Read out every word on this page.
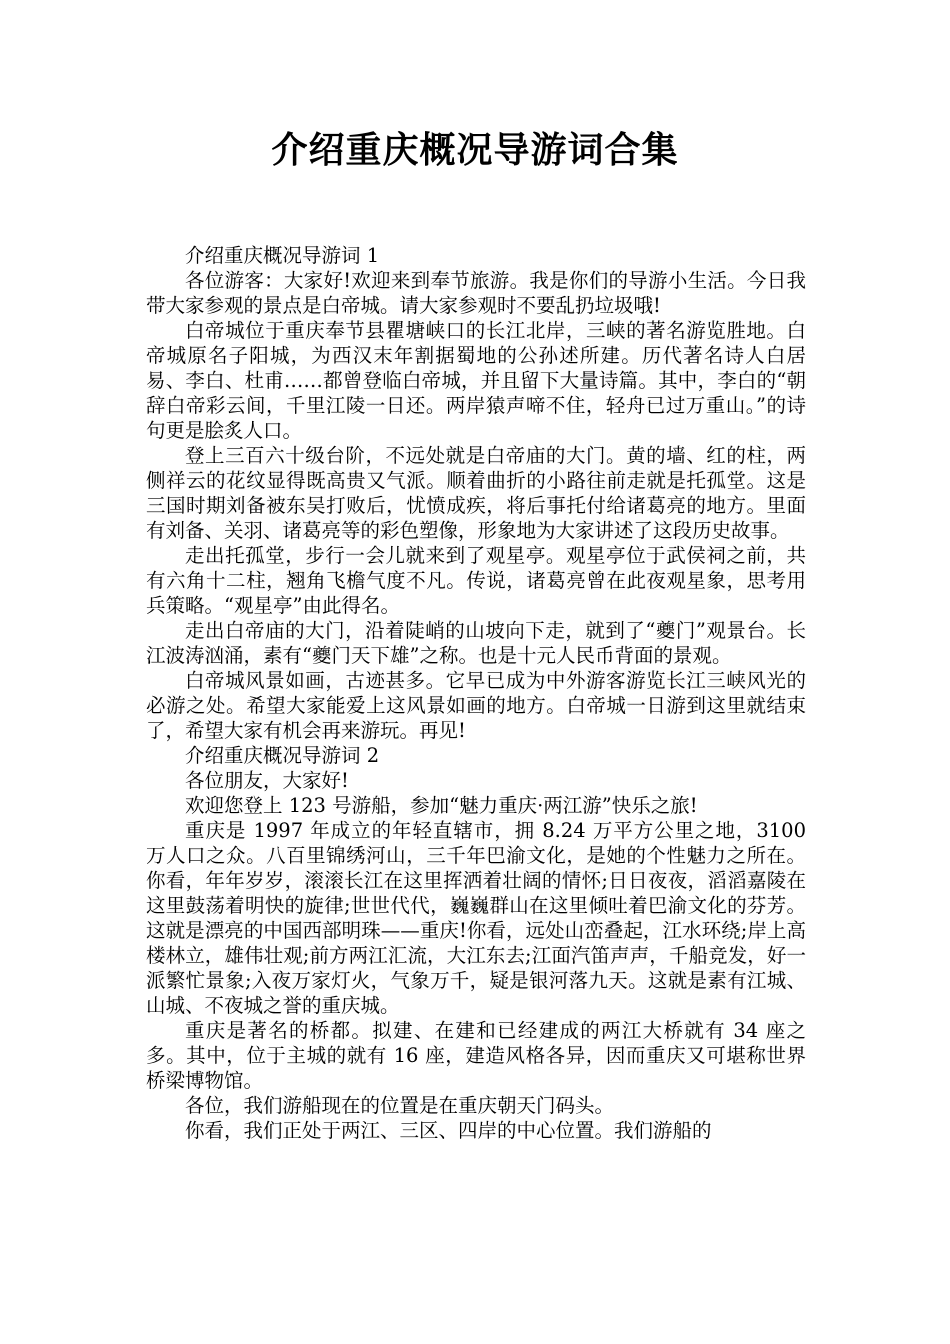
介绍重庆概况导游词合集

介绍重庆概况导游词 1

各位游客：大家好!欢迎来到奉节旅游。我是你们的导游小生活。今日我带大家参观的景点是白帝城。请大家参观时不要乱扔垃圾哦!

白帝城位于重庆奉节县瞿塘峡口的长江北岸，三峡的著名游览胜地。白帝城原名子阳城，为西汉末年割据蜀地的公孙述所建。历代著名诗人白居易、李白、杜甫……都曾登临白帝城，并且留下大量诗篇。其中，李白的“朝辞白帝彩云间，千里江陵一日还。两岸猿声啼不住，轻舟已过万重山。”的诗句更是脍炙人口。

登上三百六十级台阶，不远处就是白帝庙的大门。黄的墙、红的柱，两侧祥云的花纹显得既高贵又气派。顺着曲折的小路往前走就是托孤堂。这是三国时期刘备被东吴打败后，忧愤成疾，将后事托付给诸葛亮的地方。里面有刘备、关羽、诸葛亮等的彩色塑像，形象地为大家讲述了这段历史故事。

走出托孤堂，步行一会儿就来到了观星亭。观星亭位于武侯祠之前，共有六角十二柱，翘角飞檐气度不凡。传说，诸葛亮曾在此夜观星象，思考用兵策略。“观星亭”由此得名。

走出白帝庙的大门，沿着陡峭的山坡向下走，就到了“夔门”观景台。长江波涛汹涌，素有“夔门天下雄”之称。也是十元人民币背面的景观。

白帝城风景如画，古迹甚多。它早已成为中外游客游览长江三峡风光的必游之处。希望大家能爱上这风景如画的地方。白帝城一日游到这里就结束了，希望大家有机会再来游玩。再见!

介绍重庆概况导游词 2

各位朋友，大家好!

欢迎您登上 123 号游船，参加“魅力重庆·两江游”快乐之旅!

重庆是 1997 年成立的年轻直辖市，拥 8.24 万平方公里之地，3100 万人口之众。八百里锦绣河山，三千年巴渝文化，是她的个性魅力之所在。你看，年年岁岁，滚滚长江在这里挥洒着壮阔的情怀;日日夜夜，滔滔嘉陵在这里鼓荡着明快的旋律;世世代代，巍巍群山在这里倾吐着巴渝文化的芬芳。这就是漂亮的中国西部明珠——重庆!你看，远处山峦叠起，江水环绕;岸上高楼林立，雄伟壮观;前方两江汇流，大江东去;江面汽笛声声，千船竞发，好一派繁忙景象;入夜万家灯火，气象万千，疑是银河落九天。这就是素有江城、山城、不夜城之誉的重庆城。

重庆是著名的桥都。拟建、在建和已经建成的两江大桥就有 34 座之多。其中，位于主城的就有 16 座，建造风格各异，因而重庆又可堪称世界桥梁博物馆。

各位，我们游船现在的位置是在重庆朝天门码头。

你看，我们正处于两江、三区、四岸的中心位置。我们游船的
